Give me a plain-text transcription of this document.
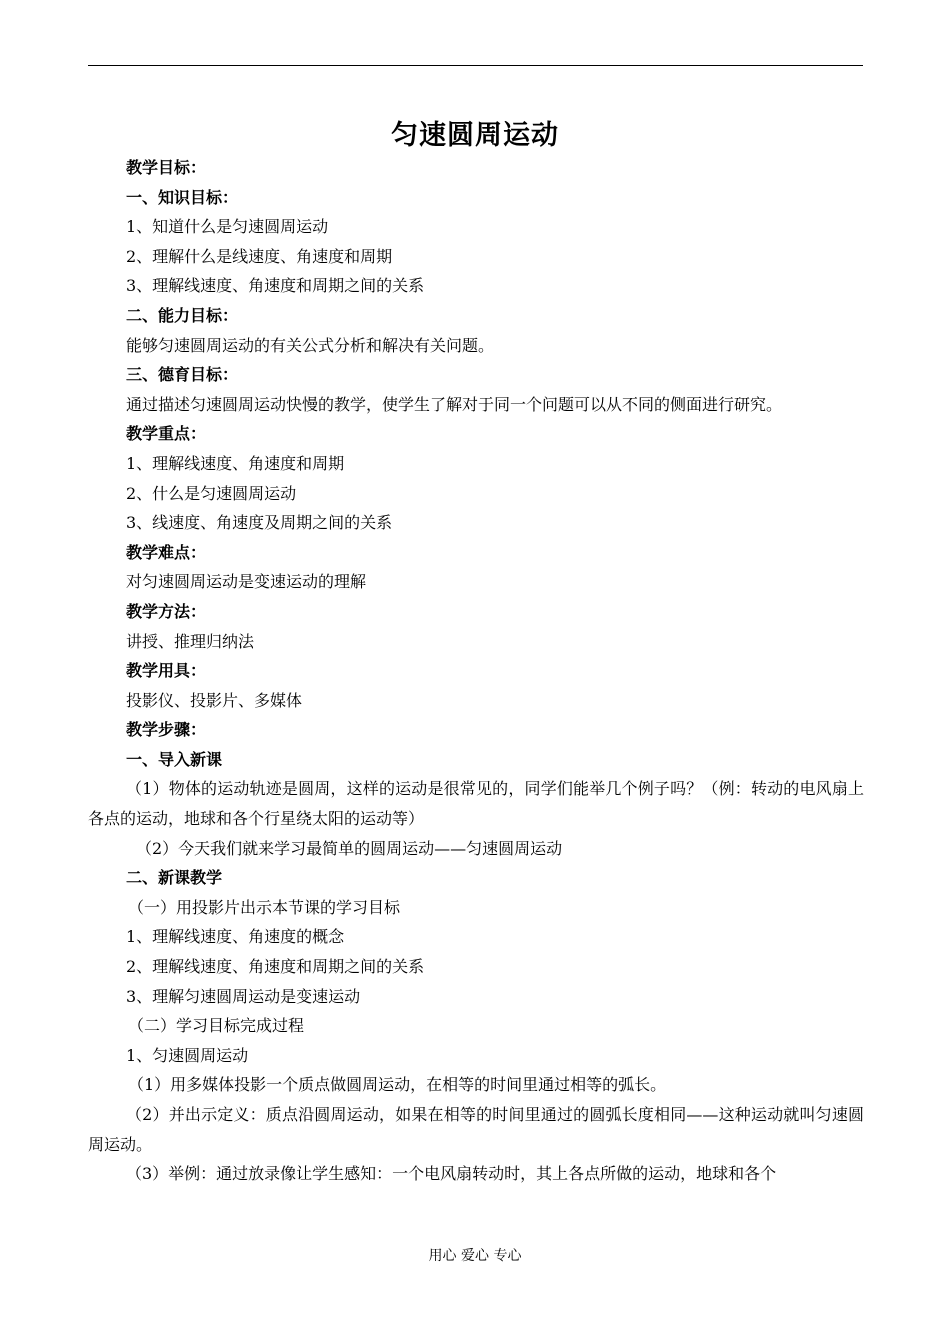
匀速圆周运动
教学目标：
一、知识目标：
1、知道什么是匀速圆周运动
2、理解什么是线速度、角速度和周期
3、理解线速度、角速度和周期之间的关系
二、能力目标：
能够匀速圆周运动的有关公式分析和解决有关问题。
三、德育目标：
通过描述匀速圆周运动快慢的教学，使学生了解对于同一个问题可以从不同的侧面进行研究。
教学重点：
1、理解线速度、角速度和周期
2、什么是匀速圆周运动
3、线速度、角速度及周期之间的关系
教学难点：
对匀速圆周运动是变速运动的理解
教学方法：
讲授、推理归纳法
教学用具：
投影仪、投影片、多媒体
教学步骤：
一、导入新课
（1）物体的运动轨迹是圆周，这样的运动是很常见的，同学们能举几个例子吗？（例：转动的电风扇上各点的运动，地球和各个行星绕太阳的运动等）
（2）今天我们就来学习最简单的圆周运动——匀速圆周运动
二、新课教学
（一）用投影片出示本节课的学习目标
1、理解线速度、角速度的概念
2、理解线速度、角速度和周期之间的关系
3、理解匀速圆周运动是变速运动
（二）学习目标完成过程
1、匀速圆周运动
（1）用多媒体投影一个质点做圆周运动，在相等的时间里通过相等的弧长。
（2）并出示定义：质点沿圆周运动，如果在相等的时间里通过的圆弧长度相同——这种运动就叫匀速圆周运动。
（3）举例：通过放录像让学生感知：一个电风扇转动时，其上各点所做的运动，地球和各个
用心 爱心 专心
